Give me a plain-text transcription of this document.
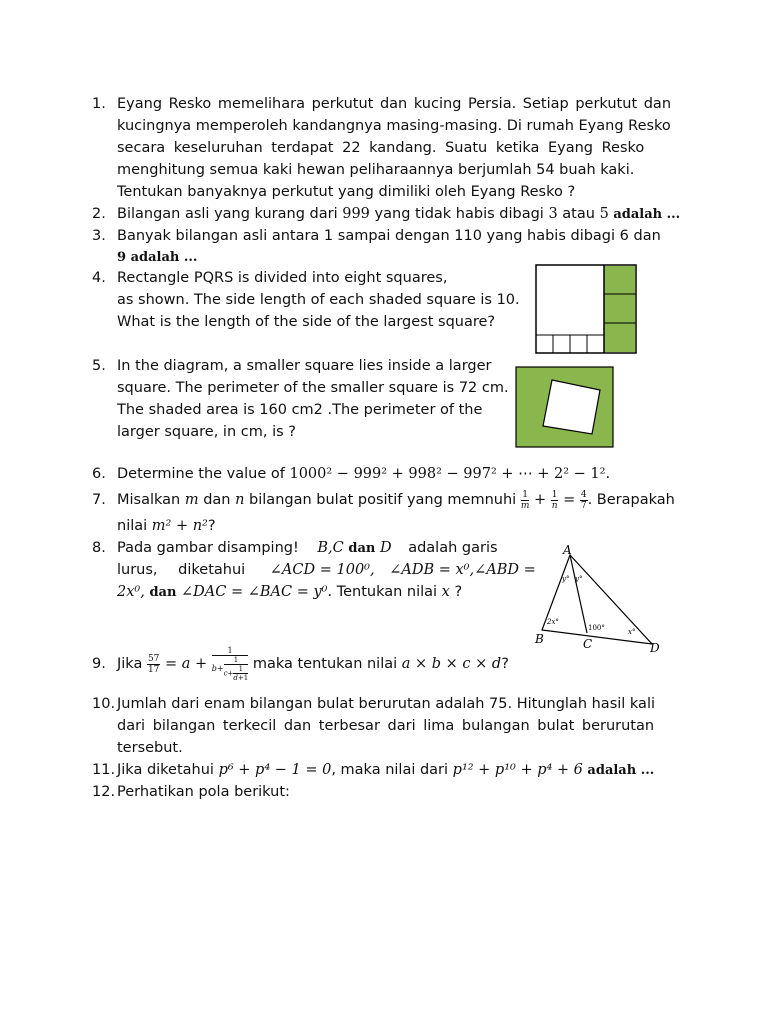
1. Eyang Resko memelihara perkutut dan kucing Persia. Setiap perkutut dan
kucingnya memperoleh kandangnya masing-masing. Di rumah Eyang Resko
secara keseluruhan terdapat 22 kandang. Suatu ketika Eyang Resko
menghitung semua kaki hewan peliharaannya berjumlah 54 buah kaki.
Tentukan banyaknya perkutut yang dimiliki oleh Eyang Resko ?
2. Bilangan asli yang kurang dari 999 yang tidak habis dibagi 3 atau 5 adalah ...
3. Banyak bilangan asli antara 1 sampai dengan 110 yang habis dibagi 6 dan
9 adalah ...
4. Rectangle PQRS is divided into eight squares,
as shown. The side length of each shaded square is 10.
What is the length of the side of the largest square?
5. In the diagram, a smaller square lies inside a larger
square. The perimeter of the smaller square is 72 cm.
The shaded area is 160 cm2 .The perimeter of the
larger square, in cm, is ?
6. Determine the value of 1000² − 999² + 998² − 997² + ⋯ + 2² − 1².
7. Misalkan m dan n bilangan bulat positif yang memnuhi $\frac{1}{m} + \frac{1}{n} = \frac{4}{7}$ . Berapakah
nilai m² + n²?
8. Pada gambar disamping! B,C dan D adalah garis
lurus, diketahui ∠ACD = 100⁰, ∠ADB = x⁰,∠ABD =
2x⁰, dan ∠DAC = ∠BAC = y⁰. Tentukan nilai x ?
A
B	C	D
y° y°
2x°
100°	x°
9. Jika $\frac{57}{17} = a + \frac{1}{b+ \frac{1}{c+ \frac{1}{d+1}}}$ maka tentukan nilai a × b × c × d?
10. Jumlah dari enam bilangan bulat berurutan adalah 75. Hitunglah hasil kali
dari bilangan terkecil dan terbesar dari lima bulangan bulat berurutan
tersebut.
11. Jika diketahui p⁶ + p⁴ − 1 = 0, maka nilai dari p¹² + p¹⁰ + p⁴ + 6 adalah ...
12. Perhatikan pola berikut:
